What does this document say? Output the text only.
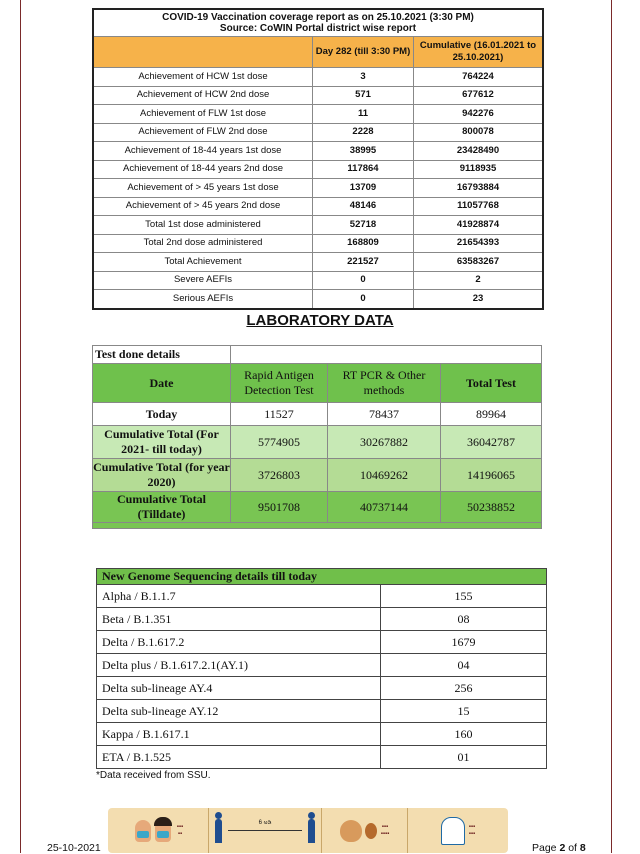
COVID-19 Vaccination coverage report as on 25.10.2021 (3:30 PM)
Source: CoWIN Portal district wise report		
	Day 282 (till 3:30 PM)	Cumulative (16.01.2021 to 25.10.2021)
Achievement of HCW 1st dose	3	764224
Achievement of HCW 2nd dose	571	677612
Achievement of FLW 1st dose	11	942276
Achievement of FLW 2nd dose	2228	800078
Achievement of 18-44 years 1st dose	38995	23428490
Achievement of 18-44 years 2nd dose	117864	9118935
Achievement of > 45 years 1st dose	13709	16793884
Achievement of > 45 years 2nd dose	48146	11057768
Total 1st dose administered	52718	41928874
Total 2nd dose administered	168809	21654393
Total Achievement	221527	63583267
Severe AEFIs	0	2
Serious AEFIs	0	23
LABORATORY DATA
Test done details			
Date	Rapid Antigen Detection Test	RT PCR & Other methods	Total Test
Today	11527	78437	89964
Cumulative Total (For 2021- till today)	5774905	30267882	36042787
Cumulative Total (for year 2020)	3726803	10469262	14196065
Cumulative Total (Tilldate)	9501708	40737144	50238852

New Genome Sequencing details till today	
Alpha / B.1.1.7	155
Beta / B.1.351	08
Delta / B.1.617.2	1679
Delta plus / B.1.617.2.1(AY.1)	04
Delta sub-lineage AY.4	256
Delta sub-lineage AY.12	15
Kappa / B.1.617.1	160
ETA / B.1.525	01
*Data received from SSU.
25-10-2021
▪▪▪
▪▪
6 ಅಡಿ
▪▪▪
▪▪▪▪
▪▪▪
▪▪▪
Page 2 of 8
